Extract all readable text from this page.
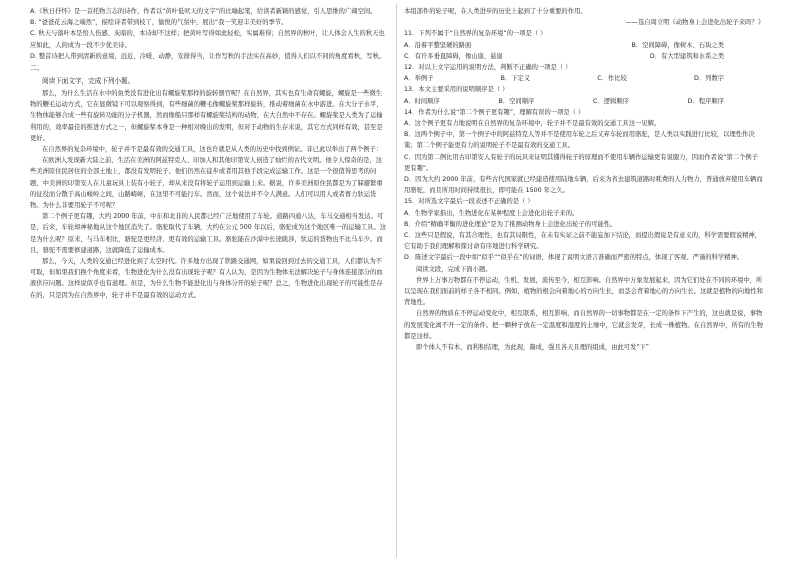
A.《秋日抒怀》是一首托物言志的诗作，作者以“黄叶低吠天的文字”的比喻起笔，给读者新颖的感觉，引人思维的广阔空间。

B. “爸爸花云海之端然”，描绘诗者带到枝丫，愉悦的气氛中，展出“我一笑迎丰美好的季节。

C. 秋天与落叶本是恰人伤感、灰暗的，本诗却不这样；把黄叶写得如此轻松，实属难得；自然界的秋叶，让人体会人生的秋天也应如此，人的成为一段不少优美诗。

D. 整首诗把人带到清新的意境，远近、冷暖、动静，安排得当，让作写秋的手法实在高妙，值得人们以不同的角度看秋，写秋。

二、

阅读下面文字，完成下列小题。

那么，为什么生活在水中的鱼类没有进化出有螺旋桨那样的旋转器官呢？在自然界，其实也有生命有螺旋，螺旋是一些微生物的鞭毛运动方式，它在显微镜下可以观察得到，有些细菌的鞭毛像螺旋桨那样旋转，推动着细菌在水中游进。在大分子水平，生物体能够合成一些有旋转功能的分子机器，然而像船只那样有螺旋桨结构的动物，在大自然中不存在。螺旋桨是人类为了运输利用的，效率最佳的推进方式之一，但螺旋桨本身是一种相对晚出的发明，但对于动物的生存来说，其它方式同样有效，甚至是更好。

在自然界的复杂环境中，轮子并不是最有效的交通工具，这也许就是从人类的历史中找到例证。非已此以举出了两个例子：

在欧洲人发现新大陆之前，生活在美洲的阿兹特克人、印加人和其他印第安人创造了灿烂的古代文明。他令人惊奇的是，这些美洲原住民居住的全部土地上，都没有发明轮子。他们仍然在徒步或者用其他手段完成运输工作。这是一个很值得思考的问题，中美洲的印第安人在儿童玩具上装有小轮子，却从来没有将轮子运用到运输上来。据说，许多美洲原住民都是为了躲避繁重的征役而分散于高山峻岭之间，山路崎岖，在这里不可能行车。然而，这个说法并不令人满意。人们可以用人或者畜力驮运货物。为什么非要用轮子不可呢？

第二个例子更有趣，大约 2000 年前，中东和北非的人民都已经广泛地使用了车轮。道路四通八达，车马交通相当发达。可是，后来，车轮却神秘地从这个地区消失了。骆驼取代了车辆，大约在公元 500 年以后，骆驼成为这个地区唯一的运输工具。这是为什么呢？原来，与马车相比，骆驼是更经济、更有效的运输工具。骆驼能在沙漠中长途跋涉，驮运的货物也不比马车少。而且，骆驼不需要修建道路，这就降低了运输成本。

那么，今天，人类的交通已经进化到了太空时代。许多地方出现了铁路交通网，如果说回到过去的交通工具，人们都认为不可取，但如果我们换个角度来看，生物进化为什么没有出现轮子呢？有人认为，是因为生物体无法解决轮子与身体连接部分的血液供应问题。这样说似乎也有道理。但是，为什么生物不能进化出与身体分开的轮子呢？总之，生物进化出现轮子的可能性是存在的，只是因为在自然界中，轮子并不是最有效的运动方式。

本组部件的轮子呢，在人类进步的历史上起到了十分重要的作用。

——选自周立明《动物身上会进化出轮子来吗？》

11．下列不属于“自然界的复杂环境”的一项是（ ）

A．沿着平整坚硬的路面	B．空间障碍，像树木、石块之类
C．有许多垂直障碍，像山崖、悬崖	D．有大型建筑和水系之类

12．对以上文字运用的说明方法，判断不正确的一项是（ ）

A．举例子	B．下定义	C．作比较	D．列数字

13．本文主要采用的说明顺序是（ ）

A．时间顺序	B．空间顺序	C．逻辑顺序	D．程序顺序

14．作者为什么说“第二个例子更有趣”，理解有误的一项是（ ）

A．这个例子更有力地说明在自然界的复杂环境中，轮子并不是最有效的交通工具这一见解。

B．这两个例子中，第一个例子中的阿兹特克人等并不是使用车轮之后又弃车轮而用骆驼，是人类以实践进行比较，以理性作决策；第二个例子能更有力的说明轮子不是最有效的交通工具。

C．因为第二例比用古印第安人有轮子的玩具来证明其懂得轮子的原理而不使用车辆作运输更有说服力，因而作者说“第二个例子更有趣”。

D．因为大约 2000 年前，有些古代国家就已经建造使用陆地车辆，后来为省去建筑道路时耗费的人力物力，普通放弃使用车辆而用骆驼，而且所用时间持续很长，即可能在 1500 年之久。

15．对所选文字最后一段表述不正确的是（ ）

A．生物学家指出，生物进化在某种程度上会进化出轮子来的。

B．介绍“精确平衡的进化理论”是为了推测动物身上会进化出轮子的可能性。

C．这些只是假说，有其合理性，也有其局限性，在未有实证之前不能妄加下结论，而提出假说是有意义的，科学需要假说精神，它有助于我们理解和探讨命有序地进行科学研究。

D．陈述文字最后一段中如“似乎”“似乎在”的词语，体现了说明文语言准确而严密的特点，体现了客观、严谨的科学精神。

阅读文段，完成下面小题。

世界上万事万物都在不停运动，生机、发展，流传至今，相互影响。自然界中万象发展起来，因为它们处在不同的环境中，所以呈现在我们面前的样子各不相同。例如，植物的根会向着地心的方向生长，而茎会背着地心的方向生长。这就是植物的向地性和背地性。

自然界的物质在不停运动变化中，相互联系，相互影响，而自然界的一切事物都是在一定的条件下产生的，这也就是说，事物的发展变化离不开一定的条件。把一颗种子放在一定温度和湿度的土壤中，它就会发芽，长成一株植物。在自然界中，所有的生物都是这样。

即个体人不有本，而利积结理，为此现，凝成，强且各天且理的组成，由此可发"下”
